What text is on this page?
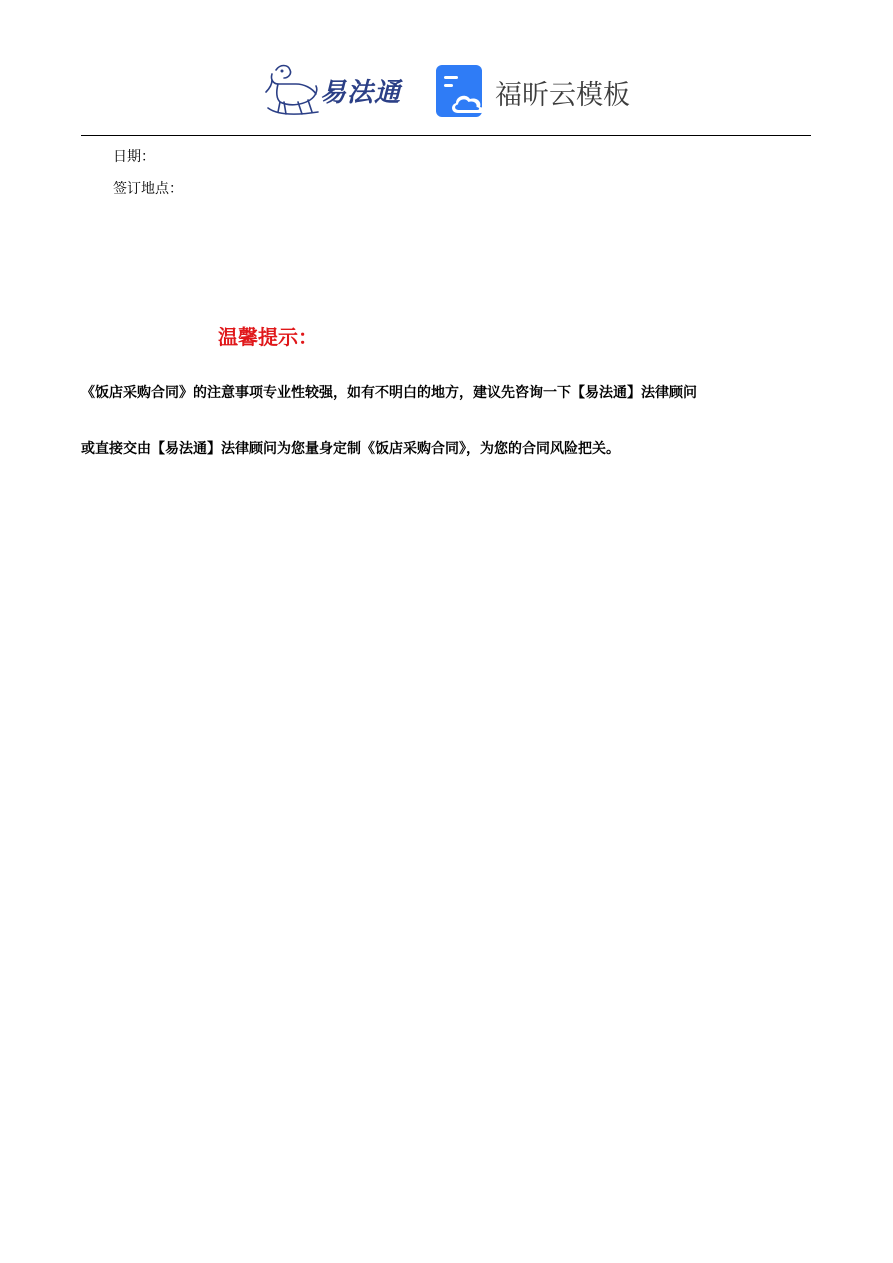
易法通	福昕云模板
日期：
签订地点：
温馨提示：
《饭店采购合同》的注意事项专业性较强，如有不明白的地方，建议先咨询一下【易法通】法律顾问
或直接交由【易法通】法律顾问为您量身定制《饭店采购合同》，为您的合同风险把关。
